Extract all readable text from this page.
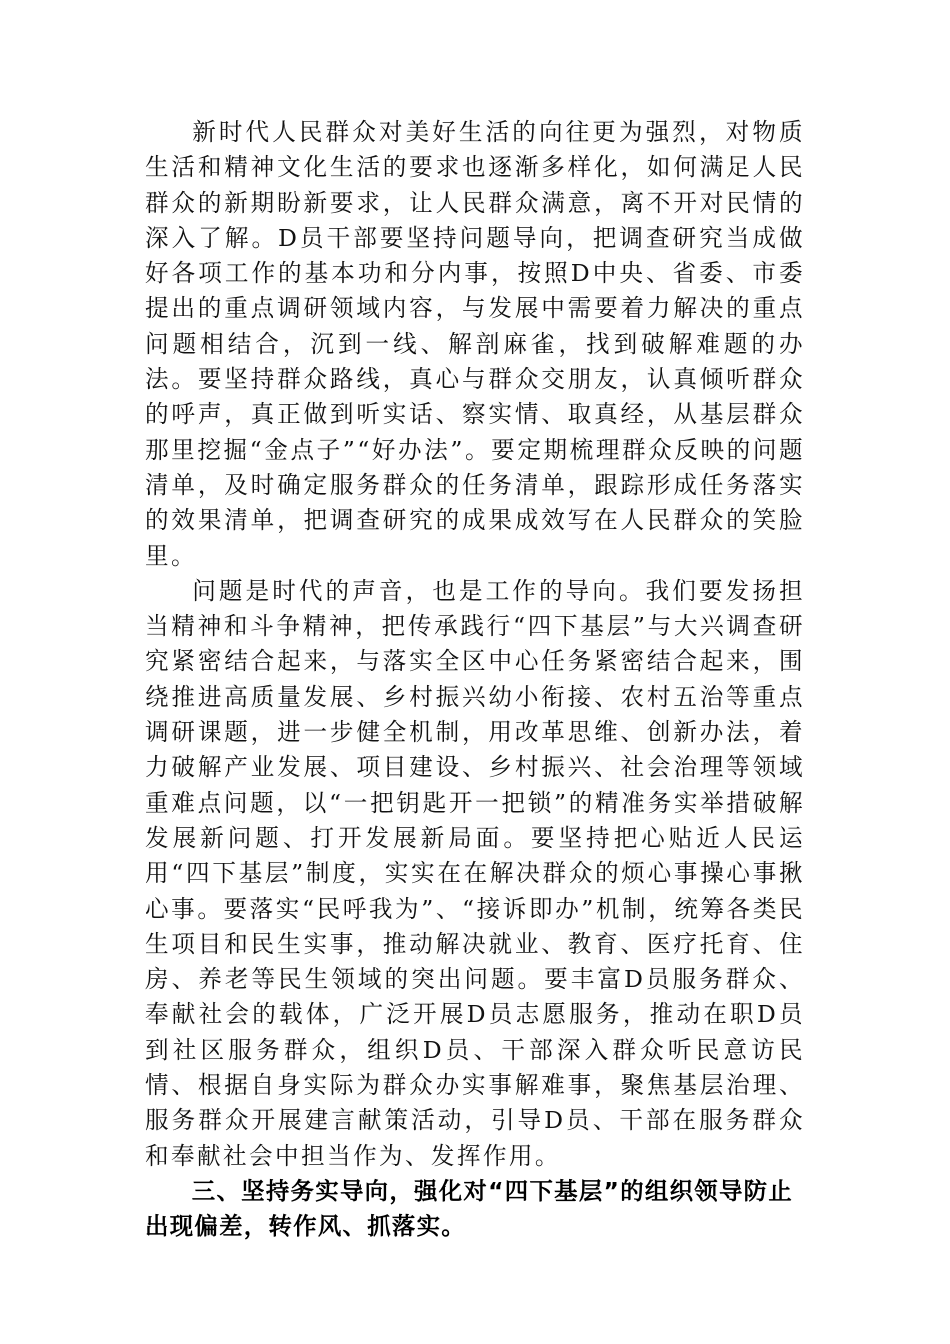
新时代人民群众对美好生活的向往更为强烈，对物质生活和精神文化生活的要求也逐渐多样化，如何满足人民群众的新期盼新要求，让人民群众满意，离不开对民情的深入了解。D员干部要坚持问题导向，把调查研究当成做好各项工作的基本功和分内事，按照D中央、省委、市委提出的重点调研领域内容，与发展中需要着力解决的重点问题相结合，沉到一线、解剖麻雀，找到破解难题的办法。要坚持群众路线，真心与群众交朋友，认真倾听群众的呼声，真正做到听实话、察实情、取真经，从基层群众那里挖掘“金点子”“好办法”。要定期梳理群众反映的问题清单，及时确定服务群众的任务清单，跟踪形成任务落实的效果清单，把调查研究的成果成效写在人民群众的笑脸里。

问题是时代的声音，也是工作的导向。我们要发扬担当精神和斗争精神，把传承践行“四下基层”与大兴调查研究紧密结合起来，与落实全区中心任务紧密结合起来，围绕推进高质量发展、乡村振兴幼小衔接、农村五治等重点调研课题，进一步健全机制，用改革思维、创新办法，着力破解产业发展、项目建设、乡村振兴、社会治理等领域重难点问题，以“一把钥匙开一把锁”的精准务实举措破解发展新问题、打开发展新局面。要坚持把心贴近人民运用“四下基层”制度，实实在在解决群众的烦心事操心事揪心事。要落实“民呼我为”、“接诉即办”机制，统筹各类民生项目和民生实事，推动解决就业、教育、医疗托育、住房、养老等民生领域的突出问题。要丰富D员服务群众、奉献社会的载体，广泛开展D员志愿服务，推动在职D员到社区服务群众，组织D员、干部深入群众听民意访民情、根据自身实际为群众办实事解难事，聚焦基层治理、服务群众开展建言献策活动，引导D员、干部在服务群众和奉献社会中担当作为、发挥作用。

三、坚持务实导向，强化对“四下基层”的组织领导防止出现偏差，转作风、抓落实。
